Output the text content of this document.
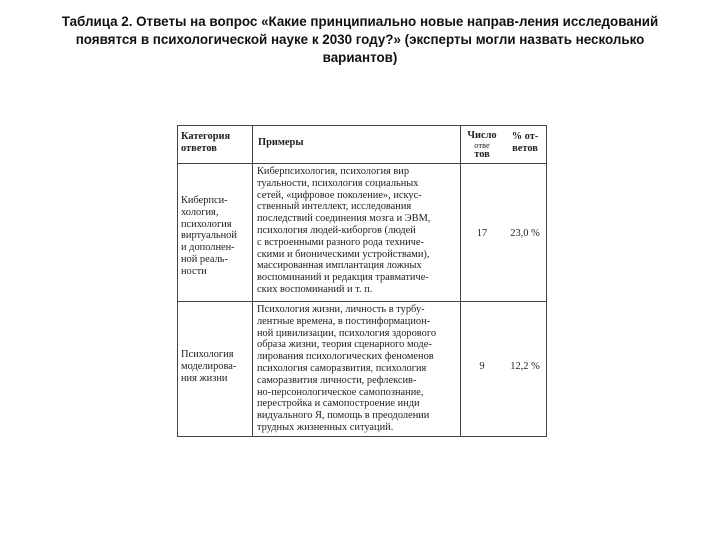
Таблица 2. Ответы на вопрос «Какие принципиально новые направ-ления исследований
появятся в психологической науке к 2030 году?» (эксперты могли назвать несколько
вариантов)
Категория
ответов
Примеры
Число
отве
тов
% от-
ветов
Киберпси-
хология,
психология
виртуальной
и дополнен-
ной реаль-
ности
Киберпсихология, психология вир
туальности, психология социальных
сетей, «цифровое поколение», искус-
ственный интеллект, исследования
последствий соединения мозга и ЭВМ,
психология людей-киборгов (людей
с встроенными разного рода техниче-
скими и бионическими устройствами),
массированная имплантация ложных
воспоминаний и редакция травматиче-
ских воспоминаний и т. п.
17	23,0 %
Психология
моделирова-
ния жизни
Психология жизни, личность в турбу-
лентные времена, в постинформацион-
ной цивилизации, психология здорового
образа жизни, теория сценарного моде-
лирования психологических феноменов
психология саморазвития, психология
саморазвития личности, рефлексив-
но-персонологическое самопознание,
перестройка и самопостроение инди
видуального Я, помощь в преодолении
трудных жизненных ситуаций.
9	12,2 %
